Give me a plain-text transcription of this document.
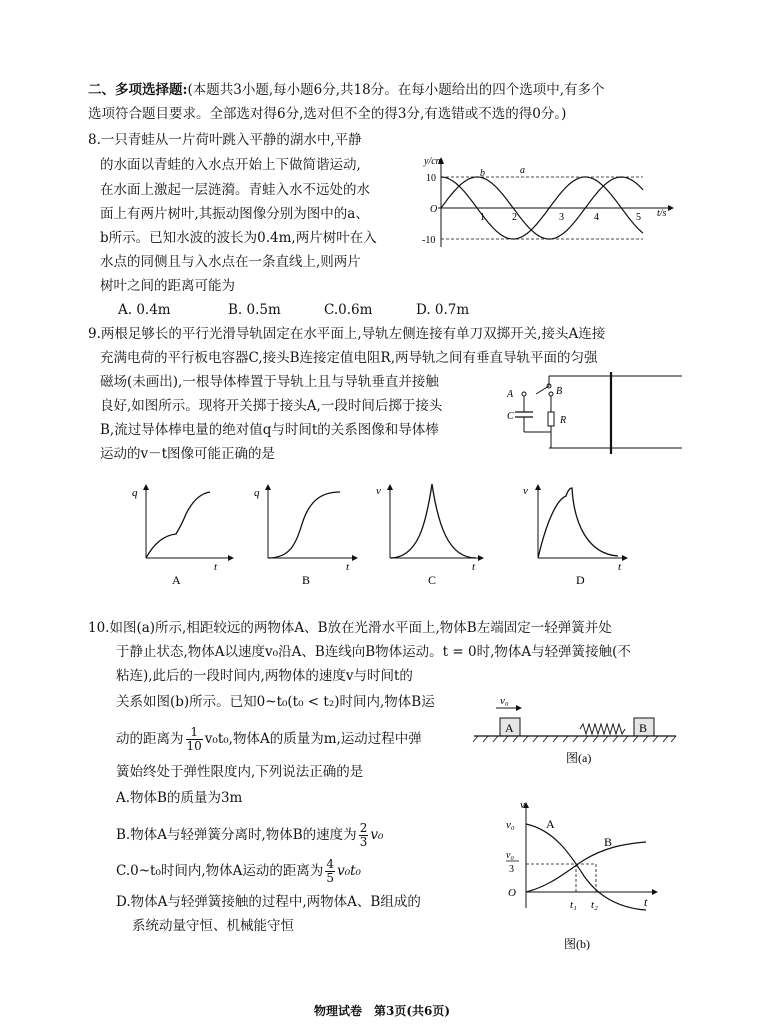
二、多项选择题:(本题共3小题,每小题6分,共18分。在每小题给出的四个选项中,有多个
选项符合题目要求。全部选对得6分,选对但不全的得3分,有选错或不选的得0分。)
8.一只青蛙从一片荷叶跳入平静的湖水中,平静
的水面以青蛙的入水点开始上下做简谐运动,
在水面上激起一层涟漪。青蛙入水不远处的水
面上有两片树叶,其振动图像分别为图中的a、
b所示。已知水波的波长为0.4m,两片树叶在入
水点的同侧且与入水点在一条直线上,则两片
树叶之间的距离可能为
A. 0.4m	B. 0.5m	C.0.6m	D. 0.7m
y/cm
10
O
-10
1	2	3	4	5 t/s
a
b
9.两根足够长的平行光滑导轨固定在水平面上,导轨左侧连接有单刀双掷开关,接头A连接
充满电荷的平行板电容器C,接头B连接定值电阻R,两导轨之间有垂直导轨平面的匀强
磁场(未画出),一根导体棒置于导轨上且与导轨垂直并接触
良好,如图所示。现将开关掷于接头A,一段时间后掷于接头
B,流过导体棒电量的绝对值q与时间t的关系图像和导体棒
运动的v－t图像可能正确的是
A	B
C	R
q
t
A
q
t
B
v
t
C
v
t
D
10.如图(a)所示,相距较远的两物体A、B放在光滑水平面上,物体B左端固定一轻弹簧并处
于静止状态,物体A以速度v₀沿A、B连线向B物体运动。t = 0时,物体A与轻弹簧接触(不
粘连),此后的一段时间内,两物体的速度v与时间t的
关系如图(b)所示。已知0~t₀(t₀ < t₂)时间内,物体B运
动的距离为 $\frac{1}{10} v_0t_0$,物体A的质量为m,运动过程中弹
簧始终处于弹性限度内,下列说法正确的是
A.物体B的质量为3m
B.物体A与轻弹簧分离时,物体B的速度为 $\frac{2}{3} v_0$
C.0~t₀时间内,物体A运动的距离为 $\frac{4}{5} v_0t_0$
D.物体A与轻弹簧接触的过程中,两物体A、B组成的
系统动量守恒、机械能守恒
v₀
A	B
图(a)
v
v₀
v₀
3
O
A
B
t₁ t₂	t
图(b)
物理试卷　第3页(共6页)
